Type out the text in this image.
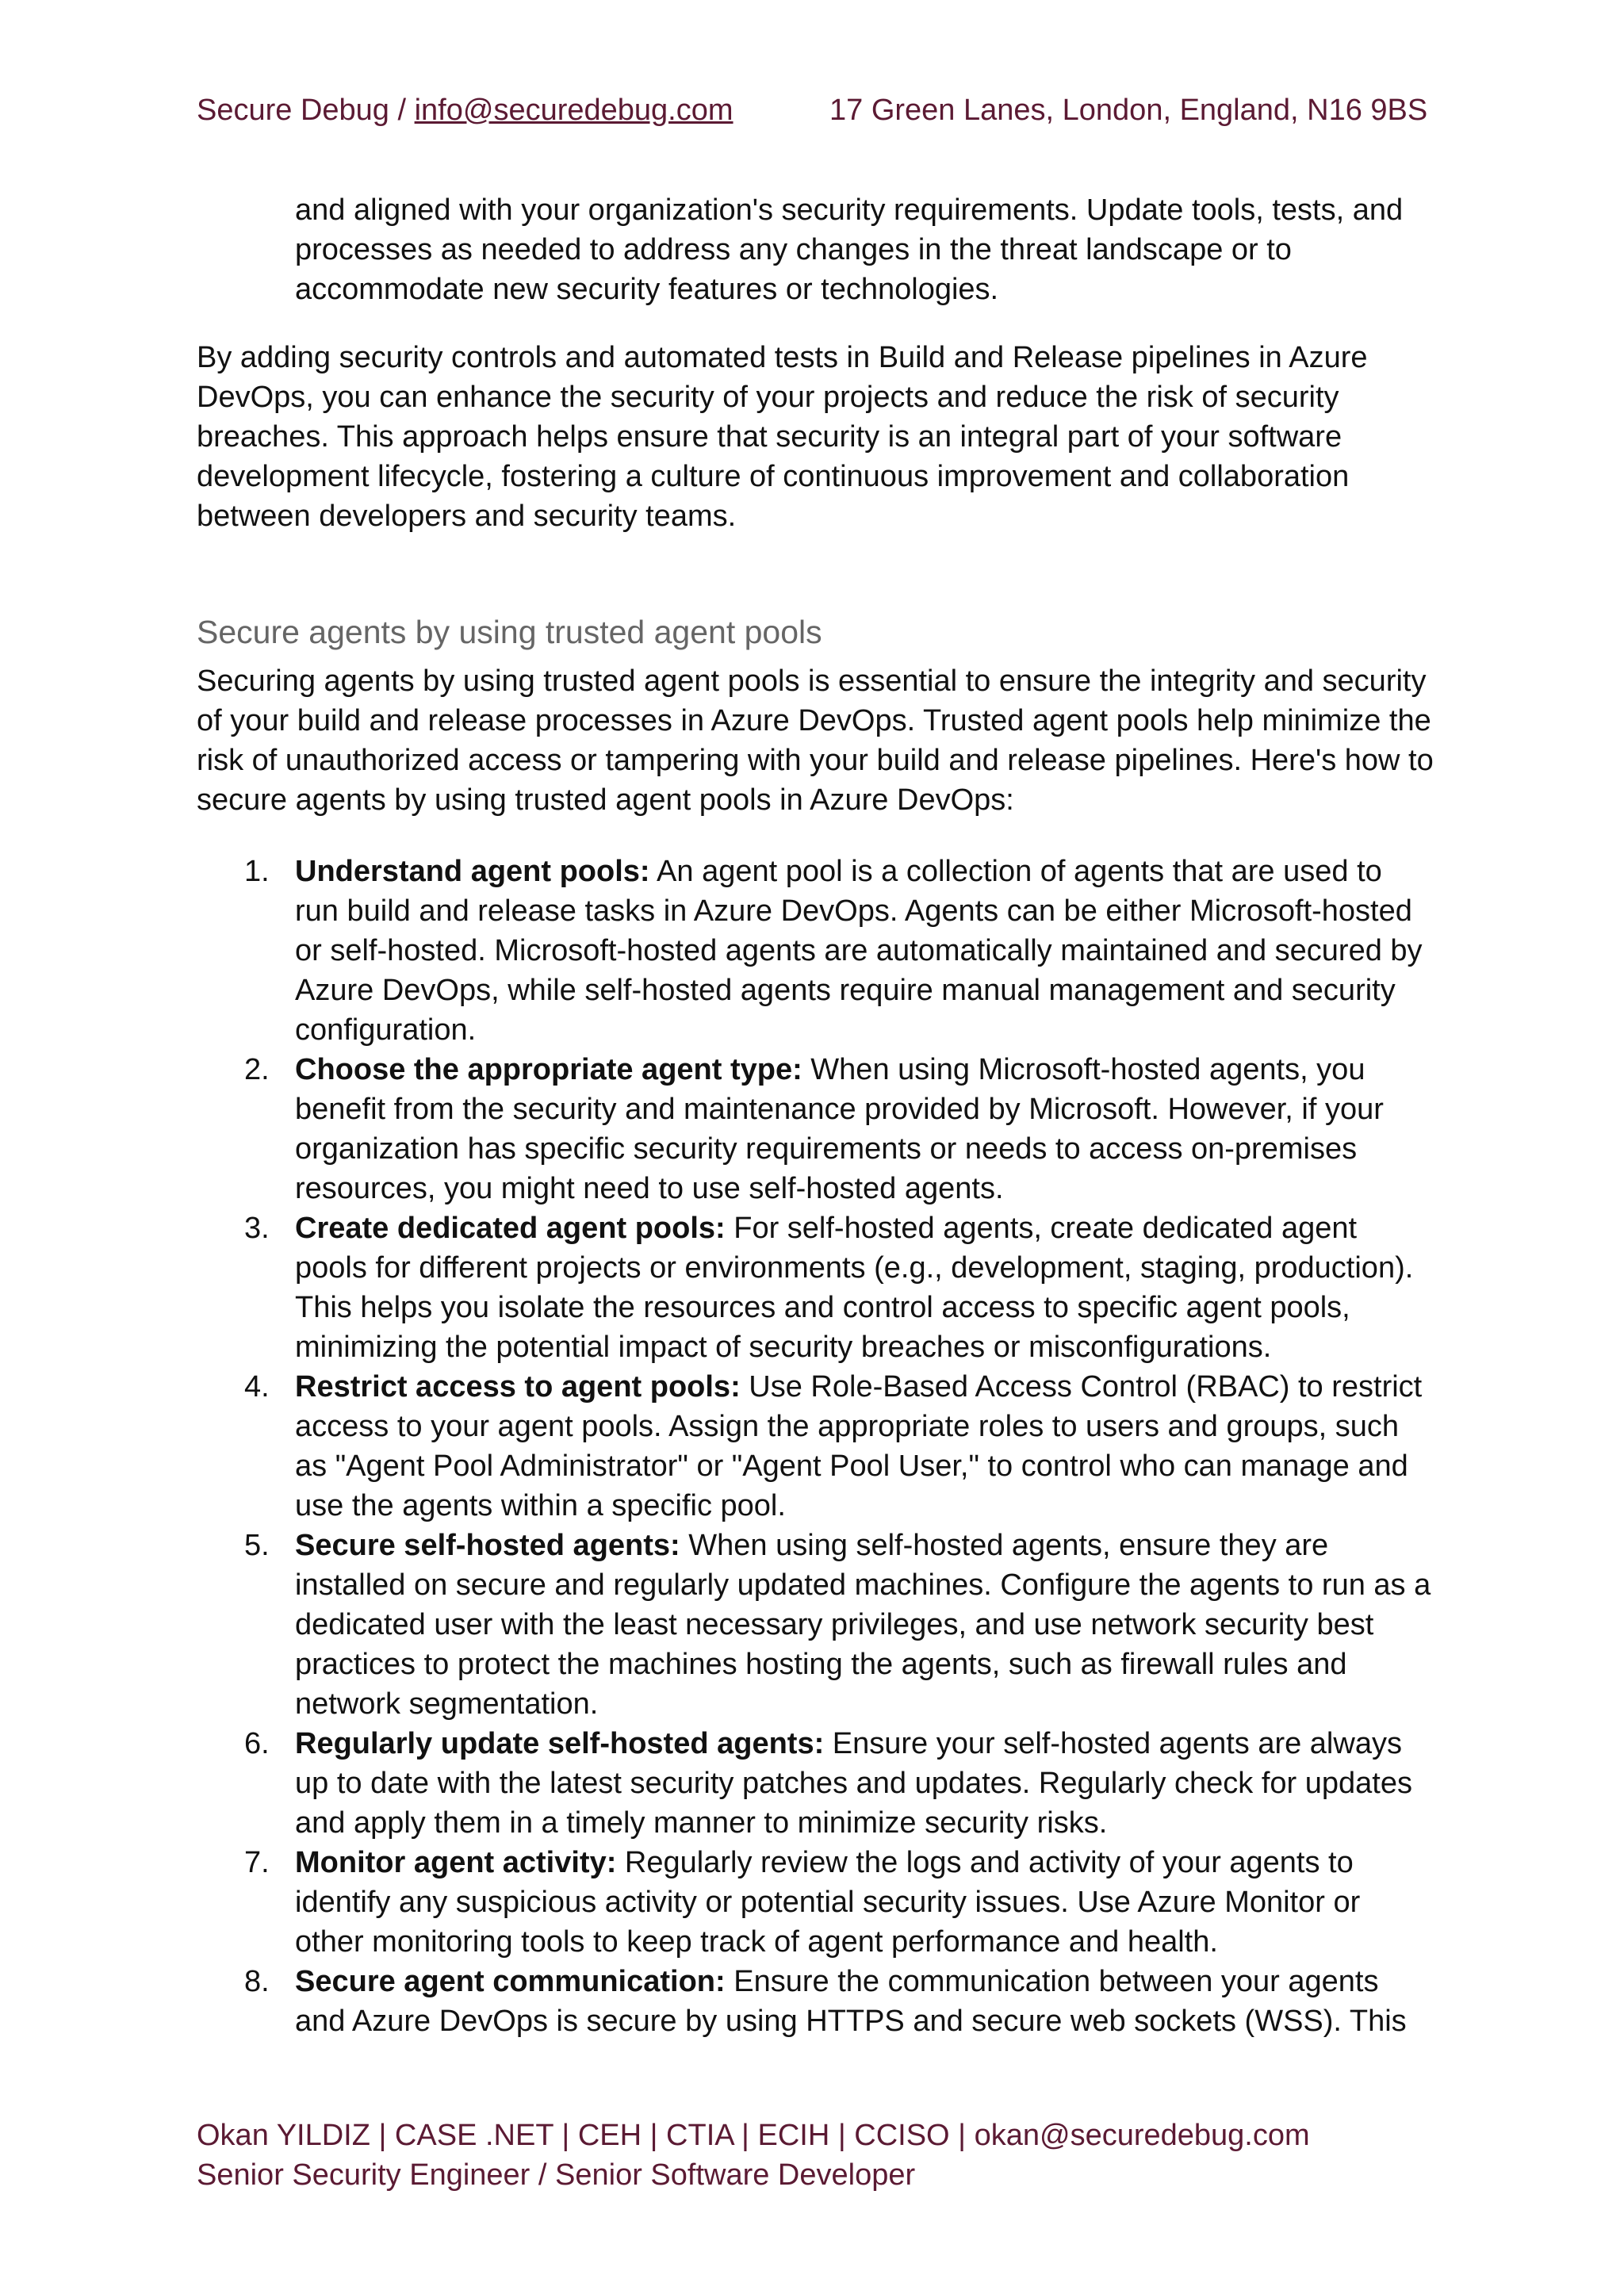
Secure Debug / info@securedebug.com	17 Green Lanes, London, England, N16 9BS

and aligned with your organization's security requirements. Update tools, tests, and processes as needed to address any changes in the threat landscape or to accommodate new security features or technologies.

By adding security controls and automated tests in Build and Release pipelines in Azure DevOps, you can enhance the security of your projects and reduce the risk of security breaches. This approach helps ensure that security is an integral part of your software development lifecycle, fostering a culture of continuous improvement and collaboration between developers and security teams.

Secure agents by using trusted agent pools

Securing agents by using trusted agent pools is essential to ensure the integrity and security of your build and release processes in Azure DevOps. Trusted agent pools help minimize the risk of unauthorized access or tampering with your build and release pipelines. Here's how to secure agents by using trusted agent pools in Azure DevOps:

1. Understand agent pools: An agent pool is a collection of agents that are used to run build and release tasks in Azure DevOps. Agents can be either Microsoft-hosted or self-hosted. Microsoft-hosted agents are automatically maintained and secured by Azure DevOps, while self-hosted agents require manual management and security configuration.
2. Choose the appropriate agent type: When using Microsoft-hosted agents, you benefit from the security and maintenance provided by Microsoft. However, if your organization has specific security requirements or needs to access on-premises resources, you might need to use self-hosted agents.
3. Create dedicated agent pools: For self-hosted agents, create dedicated agent pools for different projects or environments (e.g., development, staging, production). This helps you isolate the resources and control access to specific agent pools, minimizing the potential impact of security breaches or misconfigurations.
4. Restrict access to agent pools: Use Role-Based Access Control (RBAC) to restrict access to your agent pools. Assign the appropriate roles to users and groups, such as "Agent Pool Administrator" or "Agent Pool User," to control who can manage and use the agents within a specific pool.
5. Secure self-hosted agents: When using self-hosted agents, ensure they are installed on secure and regularly updated machines. Configure the agents to run as a dedicated user with the least necessary privileges, and use network security best practices to protect the machines hosting the agents, such as firewall rules and network segmentation.
6. Regularly update self-hosted agents: Ensure your self-hosted agents are always up to date with the latest security patches and updates. Regularly check for updates and apply them in a timely manner to minimize security risks.
7. Monitor agent activity: Regularly review the logs and activity of your agents to identify any suspicious activity or potential security issues. Use Azure Monitor or other monitoring tools to keep track of agent performance and health.
8. Secure agent communication: Ensure the communication between your agents and Azure DevOps is secure by using HTTPS and secure web sockets (WSS). This
Okan YILDIZ | CASE .NET | CEH | CTIA | ECIH | CCISO | okan@securedebug.com
Senior Security Engineer / Senior Software Developer
